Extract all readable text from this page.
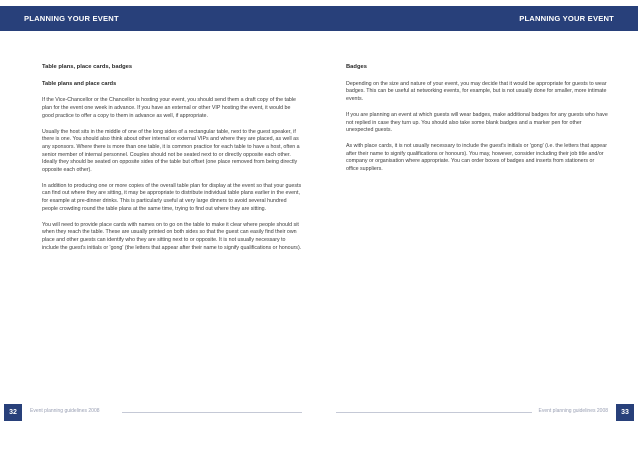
PLANNING YOUR EVENT	PLANNING YOUR EVENT
Table plans, place cards, badges
Table plans and place cards

If the Vice-Chancellor or the Chancellor is hosting your event, you should send them a draft copy of the table plan for the event one week in advance. If you have an external or other VIP hosting the event, it would be good practice to offer a copy to them in advance as well, if appropriate.

Usually the host sits in the middle of one of the long sides of a rectangular table, next to the guest speaker, if there is one. You should also think about other internal or external VIPs and where they are placed, as well as any sponsors. Where there is more than one table, it is common practice for each table to have a host, often a senior member of internal personnel. Couples should not be seated next to or directly opposite each other. Ideally they should be seated on opposite sides of the table but offset (one place removed from being directly opposite each other).

In addition to producing one or more copies of the overall table plan for display at the event so that your guests can find out where they are sitting, it may be appropriate to distribute individual table plans earlier in the event, for example at pre-dinner drinks. This is particularly useful at very large dinners to avoid several hundred people crowding round the table plans at the same time, trying to find out where they are sitting.

You will need to provide place cards with names on to go on the table to make it clear where people should sit when they reach the table. These are usually printed on both sides so that the guest can easily find their own place and other guests can identify who they are sitting next to or opposite. It is not usually necessary to include the guest's initials or 'gong' (the letters that appear after their name to signify qualifications or honours).

Badges

Depending on the size and nature of your event, you may decide that it would be appropriate for guests to wear badges. This can be useful at networking events, for example, but is not usually done for smaller, more intimate events.

If you are planning an event at which guests will wear badges, make additional badges for any guests who have not replied in case they turn up. You should also take some blank badges and a marker pen for other unexpected guests.

As with place cards, it is not usually necessary to include the guest's initials or 'gong' (i.e. the letters that appear after their name to signify qualifications or honours). You may, however, consider including their job title and/or company or organisation where appropriate. You can order boxes of badges and inserts from stationers or office suppliers.

32	Event planning guidelines 2008	Event planning guidelines 2008	33
